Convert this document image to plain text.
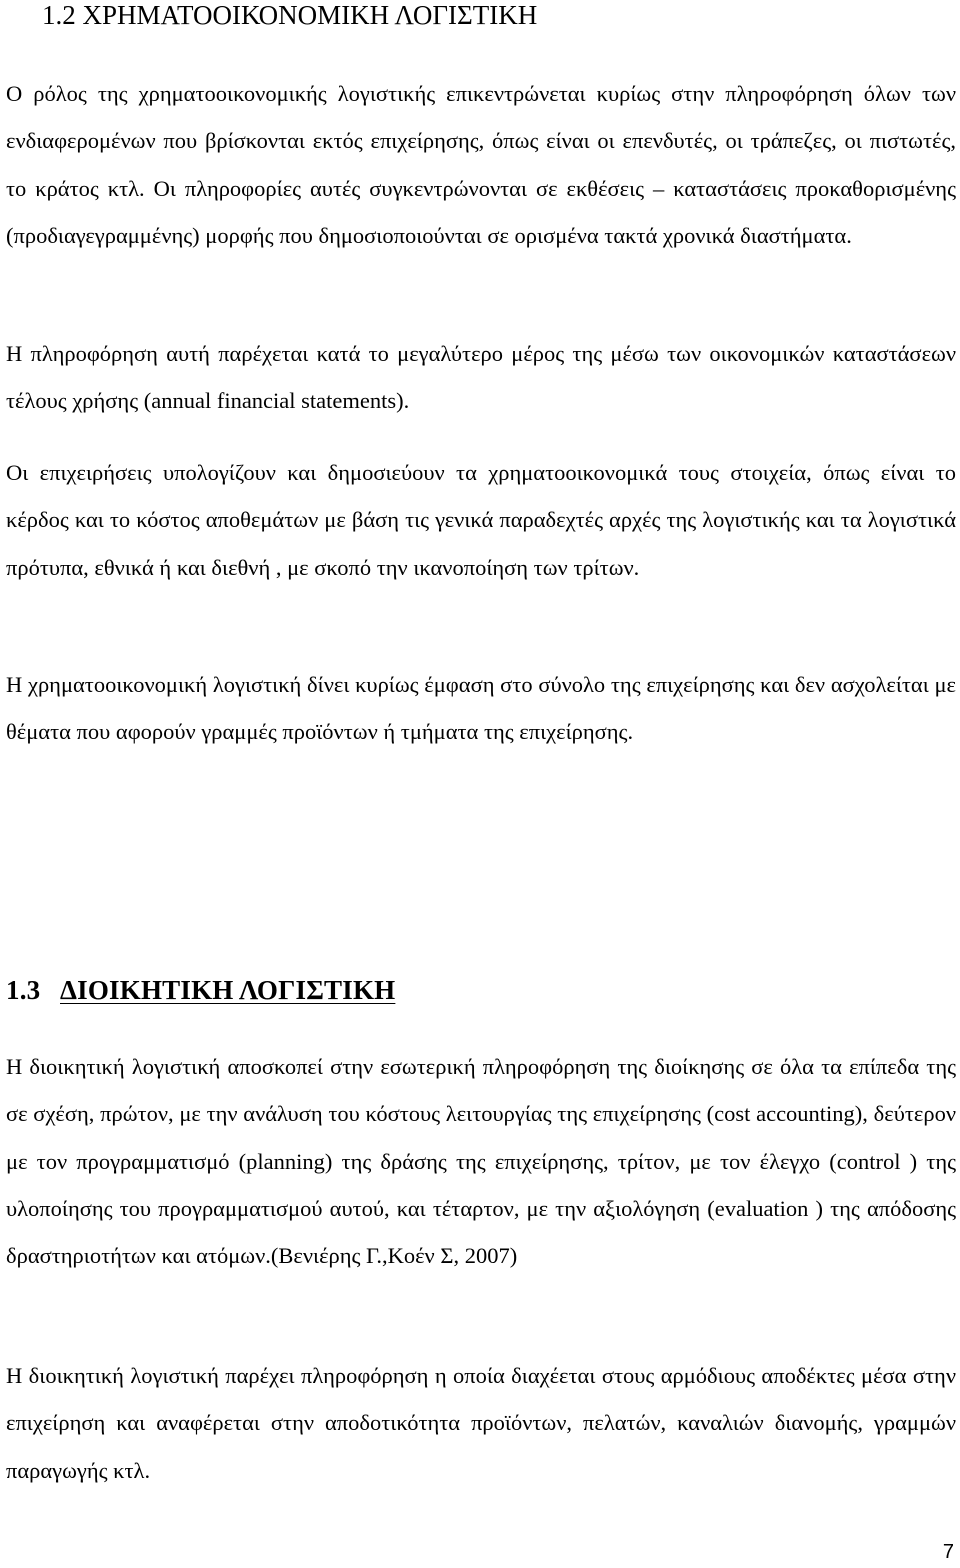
1.2 ΧΡΗΜΑΤΟΟΙΚΟΝΟΜΙΚΗ ΛΟΓΙΣΤΙΚΗ

Ο ρόλος της χρηματοοικονομικής λογιστικής επικεντρώνεται κυρίως στην πληροφόρηση όλων των ενδιαφερομένων που βρίσκονται εκτός επιχείρησης, όπως είναι οι επενδυτές, οι τράπεζες, οι πιστωτές, το κράτος κτλ. Οι πληροφορίες αυτές συγκεντρώνονται σε εκθέσεις – καταστάσεις προκαθορισμένης (προδιαγεγραμμένης) μορφής που δημοσιοποιούνται σε ορισμένα τακτά χρονικά διαστήματα.

Η πληροφόρηση αυτή παρέχεται κατά το μεγαλύτερο μέρος της μέσω των οικονομικών καταστάσεων τέλους χρήσης (annual financial statements).

Οι επιχειρήσεις υπολογίζουν και δημοσιεύουν τα χρηματοοικονομικά τους στοιχεία, όπως είναι το κέρδος και το κόστος αποθεμάτων με βάση τις γενικά παραδεχτές αρχές της λογιστικής και τα λογιστικά πρότυπα, εθνικά ή και διεθνή , με σκοπό την ικανοποίηση των τρίτων.

Η χρηματοοικονομική λογιστική δίνει κυρίως έμφαση στο σύνολο της επιχείρησης και δεν ασχολείται με θέματα που αφορούν γραμμές προϊόντων ή τμήματα της επιχείρησης.

1.3 ΔΙΟΙΚΗΤΙΚΗ ΛΟΓΙΣΤΙΚΗ

Η διοικητική λογιστική αποσκοπεί στην εσωτερική πληροφόρηση της διοίκησης σε όλα τα επίπεδα της σε σχέση, πρώτον, με την ανάλυση του κόστους λειτουργίας της επιχείρησης (cost accounting), δεύτερον με τον προγραμματισμό (planning) της δράσης της επιχείρησης, τρίτον, με τον έλεγχο (control ) της υλοποίησης του προγραμματισμού αυτού, και τέταρτον, με την αξιολόγηση (evaluation ) της απόδοσης δραστηριοτήτων και ατόμων.(Βενιέρης Γ.,Κοέν Σ, 2007)

Η διοικητική λογιστική παρέχει πληροφόρηση η οποία διαχέεται στους αρμόδιους αποδέκτες μέσα στην επιχείρηση και αναφέρεται στην αποδοτικότητα προϊόντων, πελατών, καναλιών διανομής, γραμμών παραγωγής κτλ.

7
